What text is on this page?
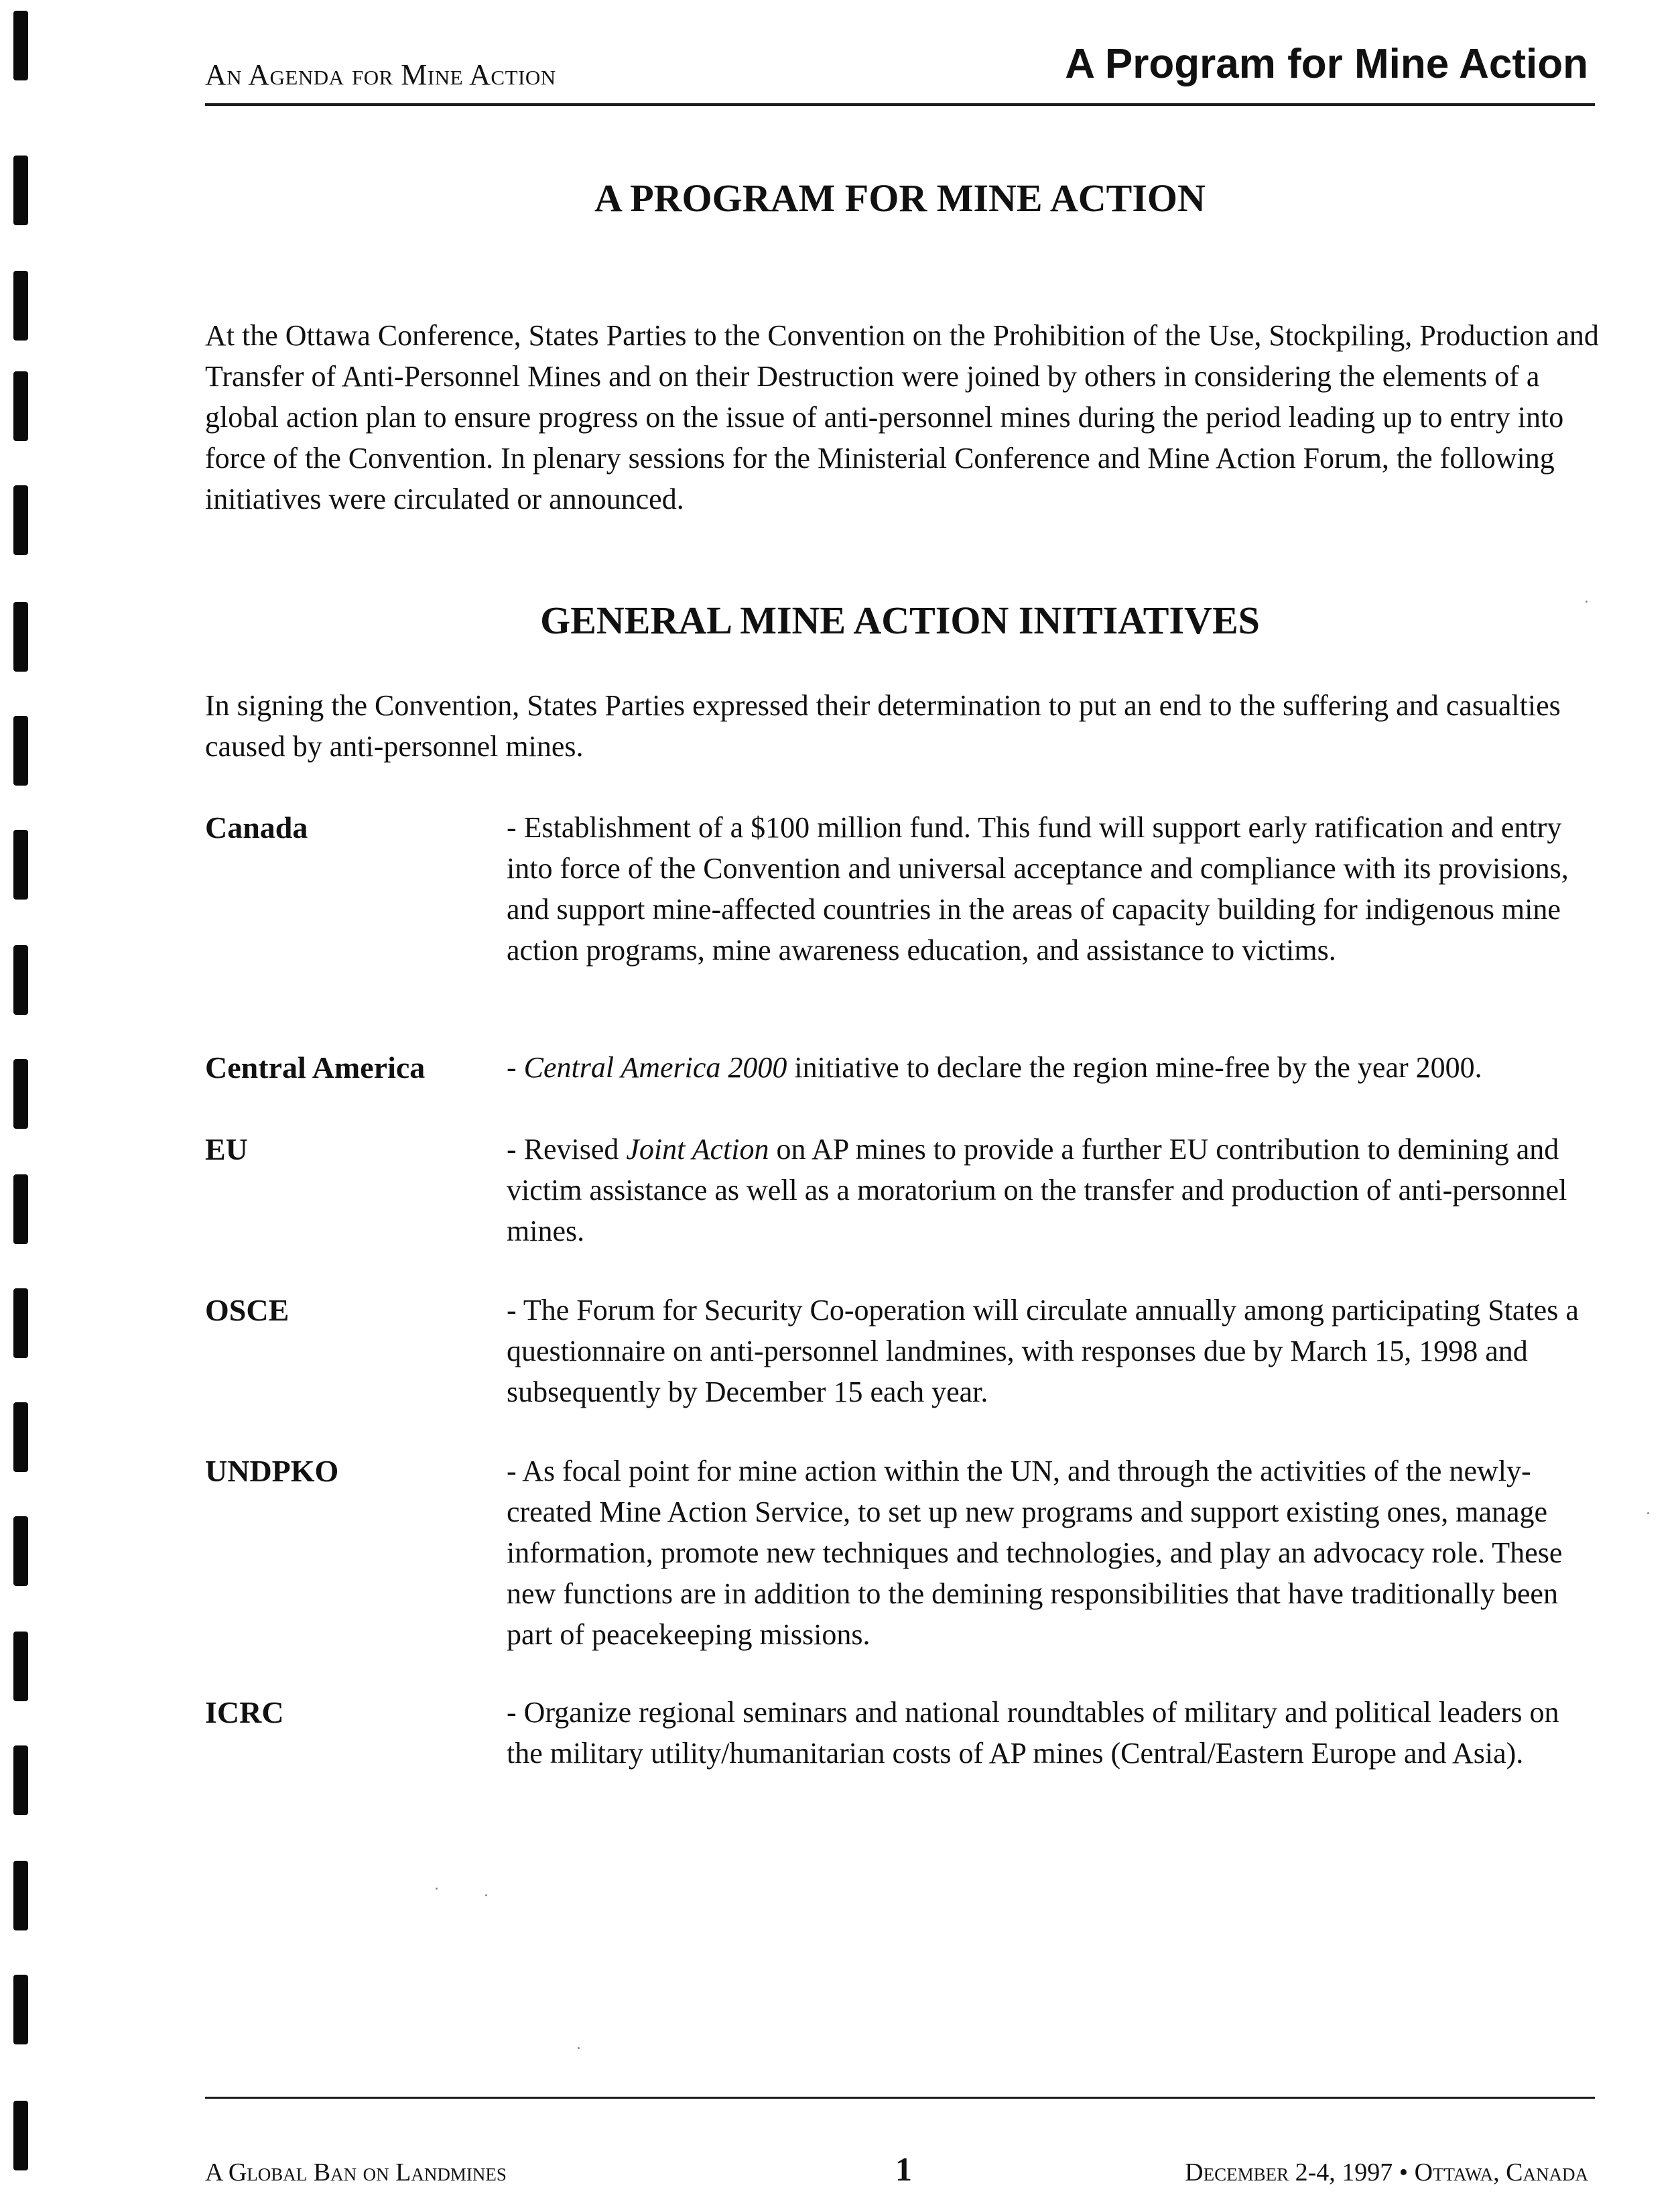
An Agenda for Mine Action	A Program for Mine Action
A PROGRAM FOR MINE ACTION
At the Ottawa Conference, States Parties to the Convention on the Prohibition of the Use, Stockpiling, Production and Transfer of Anti-Personnel Mines and on their Destruction were joined by others in considering the elements of a global action plan to ensure progress on the issue of anti-personnel mines during the period leading up to entry into force of the Convention. In plenary sessions for the Ministerial Conference and Mine Action Forum, the following initiatives were circulated or announced.
GENERAL MINE ACTION INITIATIVES
In signing the Convention, States Parties expressed their determination to put an end to the suffering and casualties caused by anti-personnel mines.
Canada	- Establishment of a $100 million fund. This fund will support early ratification and entry into force of the Convention and universal acceptance and compliance with its provisions, and support mine-affected countries in the areas of capacity building for indigenous mine action programs, mine awareness education, and assistance to victims.
Central America	- Central America 2000 initiative to declare the region mine-free by the year 2000.
EU	- Revised Joint Action on AP mines to provide a further EU contribution to demining and victim assistance as well as a moratorium on the transfer and production of anti-personnel mines.
OSCE	- The Forum for Security Co-operation will circulate annually among participating States a questionnaire on anti-personnel landmines, with responses due by March 15, 1998 and subsequently by December 15 each year.
UNDPKO	- As focal point for mine action within the UN, and through the activities of the newly-created Mine Action Service, to set up new programs and support existing ones, manage information, promote new techniques and technologies, and play an advocacy role. These new functions are in addition to the demining responsibilities that have traditionally been part of peacekeeping missions.
ICRC	- Organize regional seminars and national roundtables of military and political leaders on the military utility/humanitarian costs of AP mines (Central/Eastern Europe and Asia).
A Global Ban on Landmines	1	December 2-4, 1997 • Ottawa, Canada
